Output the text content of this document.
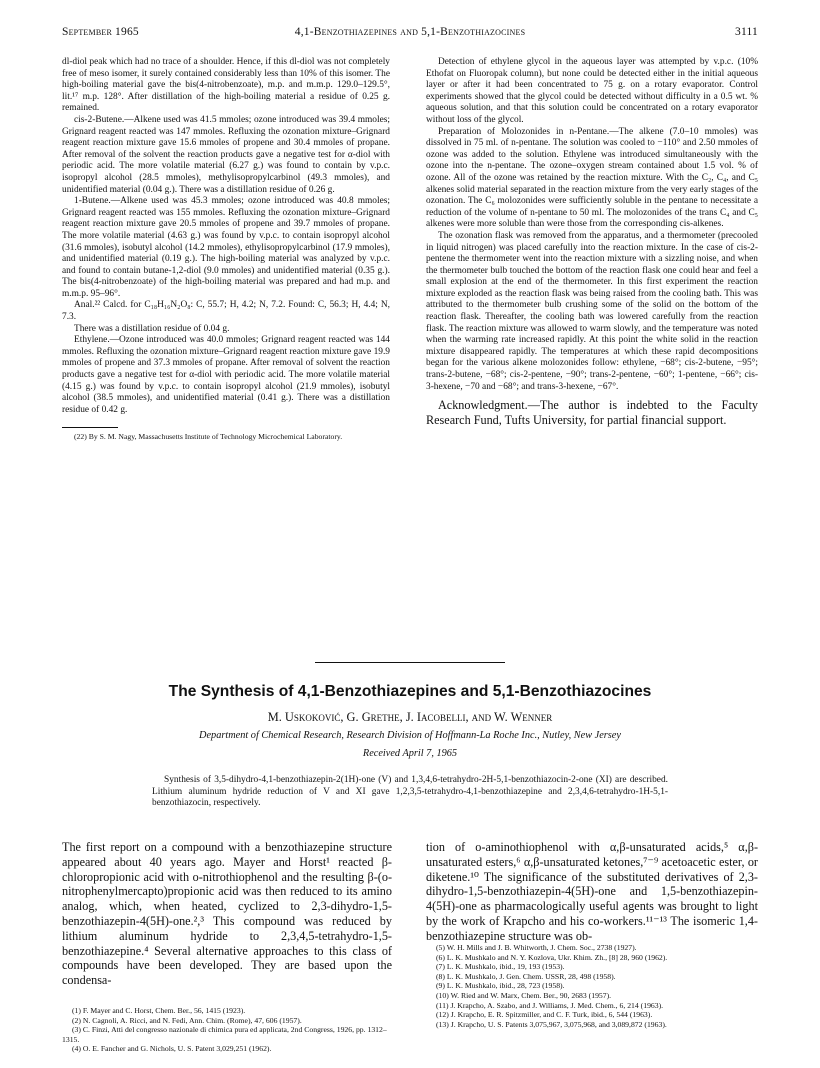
September 1965	4,1-Benzothiazepines and 5,1-Benzothiazocines	3111

dl-diol peak which had no trace of a shoulder. Hence, if this dl-diol was not completely free of meso isomer, it surely contained considerably less than 10% of this isomer. The high-boiling material gave the bis(4-nitrobenzoate), m.p. and m.m.p. 129.0–129.5°, lit.¹⁷ m.p. 128°. After distillation of the high-boiling material a residue of 0.25 g. remained.

cis-2-Butene.—Alkene used was 41.5 mmoles; ozone introduced was 39.4 mmoles; Grignard reagent reacted was 147 mmoles. Refluxing the ozonation mixture–Grignard reagent reaction mixture gave 15.6 mmoles of propene and 30.4 mmoles of propane. After removal of the solvent the reaction products gave a negative test for α-diol with periodic acid. The more volatile material (6.27 g.) was found to contain by v.p.c. isopropyl alcohol (28.5 mmoles), methylisopropylcarbinol (49.3 mmoles), and unidentified material (0.04 g.). There was a distillation residue of 0.26 g.

1-Butene.—Alkene used was 45.3 mmoles; ozone introduced was 40.8 mmoles; Grignard reagent reacted was 155 mmoles. Refluxing the ozonation mixture–Grignard reagent reaction mixture gave 20.5 mmoles of propene and 39.7 mmoles of propane. The more volatile material (4.63 g.) was found by v.p.c. to contain isopropyl alcohol (31.6 mmoles), isobutyl alcohol (14.2 mmoles), ethylisopropylcarbinol (17.9 mmoles), and unidentified material (0.19 g.). The high-boiling material was analyzed by v.p.c. and found to contain butane-1,2-diol (9.0 mmoles) and unidentified material (0.35 g.). The bis(4-nitrobenzoate) of the high-boiling material was prepared and had m.p. and m.m.p. 95–96°.

Anal.²² Calcd. for C₁₈H₁₆N₂O₈: C, 55.7; H, 4.2; N, 7.2. Found: C, 56.3; H, 4.4; N, 7.3.

There was a distillation residue of 0.04 g.

Ethylene.—Ozone introduced was 40.0 mmoles; Grignard reagent reacted was 144 mmoles. Refluxing the ozonation mixture–Grignard reagent reaction mixture gave 19.9 mmoles of propene and 37.3 mmoles of propane. After removal of solvent the reaction products gave a negative test for α-diol with periodic acid. The more volatile material (4.15 g.) was found by v.p.c. to contain isopropyl alcohol (21.9 mmoles), isobutyl alcohol (38.5 mmoles), and unidentified material (0.41 g.). There was a distillation residue of 0.42 g.

(22) By S. M. Nagy, Massachusetts Institute of Technology Microchemical Laboratory.

Detection of ethylene glycol in the aqueous layer was attempted by v.p.c. (10% Ethofat on Fluoropak column), but none could be detected either in the initial aqueous layer or after it had been concentrated to 75 g. on a rotary evaporator. Control experiments showed that the glycol could be detected without difficulty in a 0.5 wt. % aqueous solution, and that this solution could be concentrated on a rotary evaporator without loss of the glycol.

Preparation of Molozonides in n-Pentane.—The alkene (7.0–10 mmoles) was dissolved in 75 ml. of n-pentane. The solution was cooled to −110° and 2.50 mmoles of ozone was added to the solution. Ethylene was introduced simultaneously with the ozone into the n-pentane. The ozone–oxygen stream contained about 1.5 vol. % of ozone. All of the ozone was retained by the reaction mixture. With the C₂, C₄, and C₅ alkenes solid material separated in the reaction mixture from the very early stages of the ozonation. The C₆ molozonides were sufficiently soluble in the pentane to necessitate a reduction of the volume of n-pentane to 50 ml. The molozonides of the trans C₄ and C₅ alkenes were more soluble than were those from the corresponding cis-alkenes.

The ozonation flask was removed from the apparatus, and a thermometer (precooled in liquid nitrogen) was placed carefully into the reaction mixture. In the case of cis-2-pentene the thermometer went into the reaction mixture with a sizzling noise, and when the thermometer bulb touched the bottom of the reaction flask one could hear and feel a small explosion at the end of the thermometer. In this first experiment the reaction mixture exploded as the reaction flask was being raised from the cooling bath. This was attributed to the thermometer bulb crushing some of the solid on the bottom of the reaction flask. Thereafter, the cooling bath was lowered carefully from the reaction flask. The reaction mixture was allowed to warm slowly, and the temperature was noted when the warming rate increased rapidly. At this point the white solid in the reaction mixture disappeared rapidly. The temperatures at which these rapid decompositions began for the various alkene molozonides follow: ethylene, −68°; cis-2-butene, −95°; trans-2-butene, −68°; cis-2-pentene, −90°; trans-2-pentene, −60°; 1-pentene, −66°; cis-3-hexene, −70 and −68°; and trans-3-hexene, −67°.

Acknowledgment.—The author is indebted to the Faculty Research Fund, Tufts University, for partial financial support.

The Synthesis of 4,1-Benzothiazepines and 5,1-Benzothiazocines
M. Uskoković, G. Grethe, J. Iacobelli, and W. Wenner
Department of Chemical Research, Research Division of Hoffmann-La Roche Inc., Nutley, New Jersey
Received April 7, 1965
Synthesis of 3,5-dihydro-4,1-benzothiazepin-2(1H)-one (V) and 1,3,4,6-tetrahydro-2H-5,1-benzothiazocin-2-one (XI) are described. Lithium aluminum hydride reduction of V and XI gave 1,2,3,5-tetrahydro-4,1-benzothiazepine and 2,3,4,6-tetrahydro-1H-5,1-benzothiazocin, respectively.
The first report on a compound with a benzothiazepine structure appeared about 40 years ago. Mayer and Horst¹ reacted β-chloropropionic acid with o-nitrothiophenol and the resulting β-(o-nitrophenylmercapto)propionic acid was then reduced to its amino analog, which, when heated, cyclized to 2,3-dihydro-1,5-benzothiazepin-4(5H)-one.²,³ This compound was reduced by lithium aluminum hydride to 2,3,4,5-tetrahydro-1,5-benzothiazepine.⁴ Several alternative approaches to this class of compounds have been developed. They are based upon the condensa-
tion of o-aminothiophenol with α,β-unsaturated acids,⁵ α,β-unsaturated esters,⁶ α,β-unsaturated ketones,⁷⁻⁹ acetoacetic ester, or diketene.¹⁰ The significance of the substituted derivatives of 2,3-dihydro-1,5-benzothiazepin-4(5H)-one and 1,5-benzothiazepin-4(5H)-one as pharmacologically useful agents was brought to light by the work of Krapcho and his co-workers.¹¹⁻¹³ The isomeric 1,4-benzothiazepine structure was ob-
(1) F. Mayer and C. Horst, Chem. Ber., 56, 1415 (1923).
(2) N. Cagnoli, A. Ricci, and N. Fedi, Ann. Chim. (Rome), 47, 606 (1957).
(3) C. Finzi, Atti del congresso nazionale di chimica pura ed applicata, 2nd Congress, 1926, pp. 1312–1315.
(4) O. E. Fancher and G. Nichols, U. S. Patent 3,029,251 (1962).
(5) W. H. Mills and J. B. Whitworth, J. Chem. Soc., 2738 (1927).
(6) L. K. Mushkalo and N. Y. Kozlova, Ukr. Khim. Zh., [8] 28, 960 (1962).
(7) L. K. Mushkalo, ibid., 19, 193 (1953).
(8) L. K. Mushkalo, J. Gen. Chem. USSR, 28, 498 (1958).
(9) L. K. Mushkalo, ibid., 28, 723 (1958).
(10) W. Ried and W. Marx, Chem. Ber., 90, 2683 (1957).
(11) J. Krapcho, A. Szabo, and J. Williams, J. Med. Chem., 6, 214 (1963).
(12) J. Krapcho, E. R. Spitzmiller, and C. F. Turk, ibid., 6, 544 (1963).
(13) J. Krapcho, U. S. Patents 3,075,967, 3,075,968, and 3,089,872 (1963).
